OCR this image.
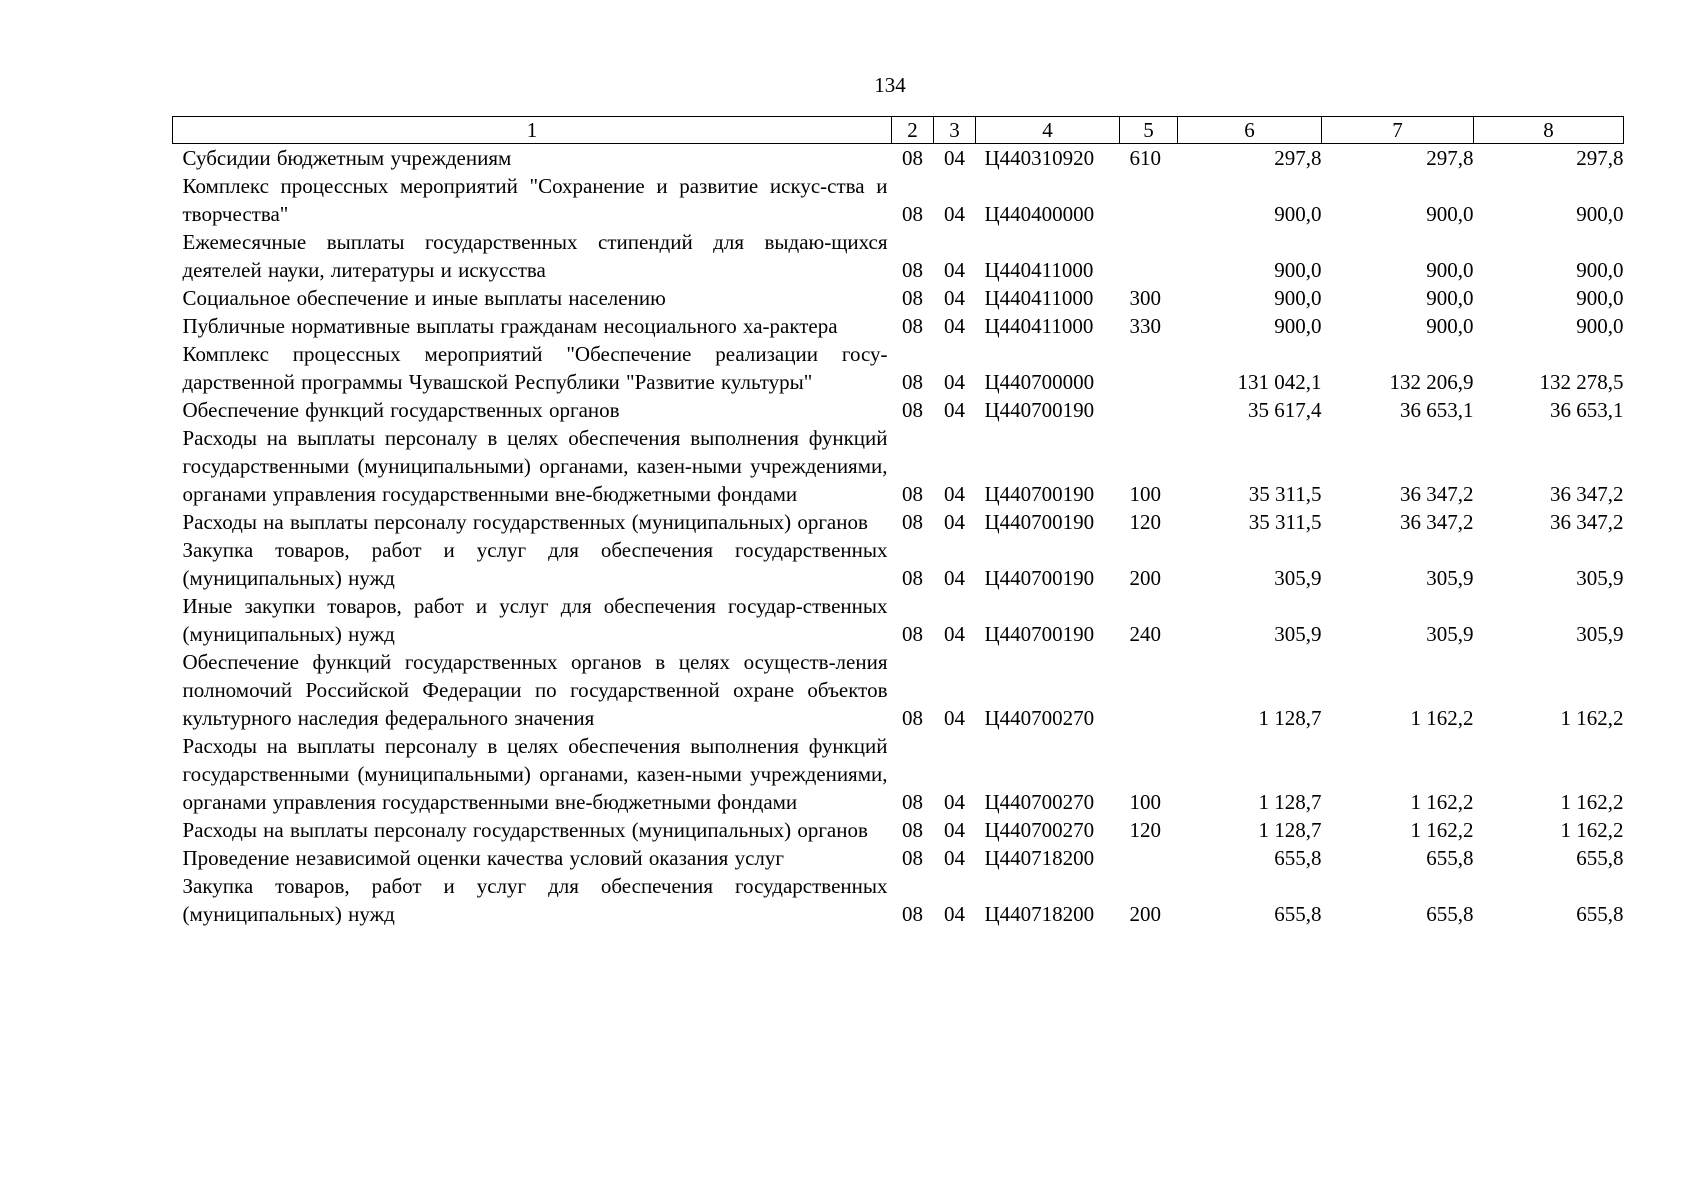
134
1	2	3	4	5	6	7	8
Субсидии бюджетным учреждениям	08	04	Ц440310920	610	297,8	297,8	297,8
Комплекс процессных мероприятий "Сохранение и развитие искус-ства и творчества"	08	04	Ц440400000		900,0	900,0	900,0
Ежемесячные выплаты государственных стипендий для выдаю-щихся деятелей науки, литературы и искусства	08	04	Ц440411000		900,0	900,0	900,0
Социальное обеспечение и иные выплаты населению	08	04	Ц440411000	300	900,0	900,0	900,0
Публичные нормативные выплаты гражданам несоциального ха-рактера	08	04	Ц440411000	330	900,0	900,0	900,0
Комплекс процессных мероприятий "Обеспечение реализации госу-дарственной программы Чувашской Республики "Развитие культуры"	08	04	Ц440700000		131 042,1	132 206,9	132 278,5
Обеспечение функций государственных органов	08	04	Ц440700190		35 617,4	36 653,1	36 653,1
Расходы на выплаты персоналу в целях обеспечения выполнения функций государственными (муниципальными) органами, казен-ными учреждениями, органами управления государственными вне-бюджетными фондами	08	04	Ц440700190	100	35 311,5	36 347,2	36 347,2
Расходы на выплаты персоналу государственных (муниципальных) органов	08	04	Ц440700190	120	35 311,5	36 347,2	36 347,2
Закупка товаров, работ и услуг для обеспечения государственных (муниципальных) нужд	08	04	Ц440700190	200	305,9	305,9	305,9
Иные закупки товаров, работ и услуг для обеспечения государ-ственных (муниципальных) нужд	08	04	Ц440700190	240	305,9	305,9	305,9
Обеспечение функций государственных органов в целях осуществ-ления полномочий Российской Федерации по государственной охране объектов культурного наследия федерального значения	08	04	Ц440700270		1 128,7	1 162,2	1 162,2
Расходы на выплаты персоналу в целях обеспечения выполнения функций государственными (муниципальными) органами, казен-ными учреждениями, органами управления государственными вне-бюджетными фондами	08	04	Ц440700270	100	1 128,7	1 162,2	1 162,2
Расходы на выплаты персоналу государственных (муниципальных) органов	08	04	Ц440700270	120	1 128,7	1 162,2	1 162,2
Проведение независимой оценки качества условий оказания услуг	08	04	Ц440718200		655,8	655,8	655,8
Закупка товаров, работ и услуг для обеспечения государственных (муниципальных) нужд	08	04	Ц440718200	200	655,8	655,8	655,8
